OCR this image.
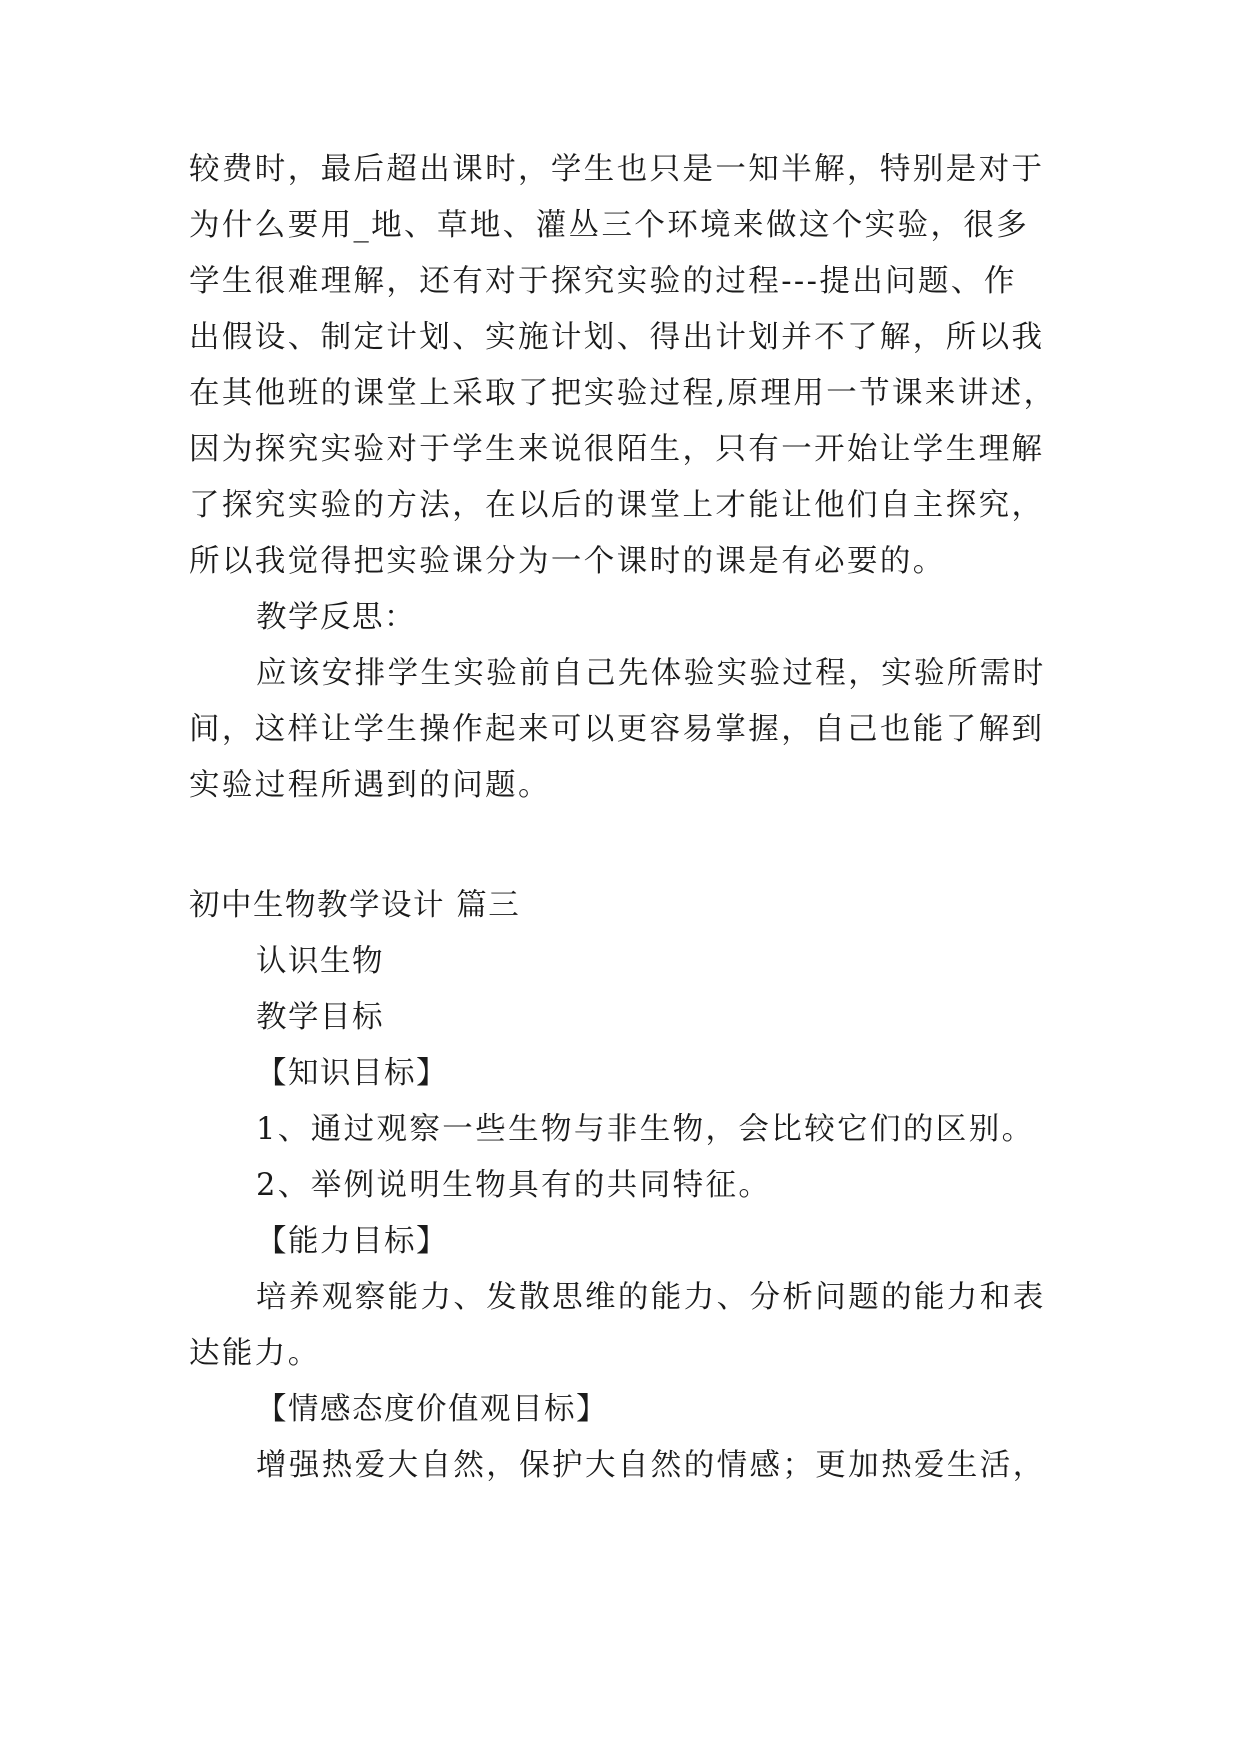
较费时，最后超出课时，学生也只是一知半解，特别是对于
为什么要用_地、草地、灌丛三个环境来做这个实验，很多
学生很难理解，还有对于探究实验的过程---提出问题、作
出假设、制定计划、实施计划、得出计划并不了解，所以我
在其他班的课堂上采取了把实验过程,原理用一节课来讲述，
因为探究实验对于学生来说很陌生，只有一开始让学生理解
了探究实验的方法，在以后的课堂上才能让他们自主探究，
所以我觉得把实验课分为一个课时的课是有必要的。
教学反思：
应该安排学生实验前自己先体验实验过程，实验所需时
间，这样让学生操作起来可以更容易掌握，自己也能了解到
实验过程所遇到的问题。
初中生物教学设计 篇三
认识生物
教学目标
【知识目标】
1、通过观察一些生物与非生物，会比较它们的区别。
2、举例说明生物具有的共同特征。
【能力目标】
培养观察能力、发散思维的能力、分析问题的能力和表
达能力。
【情感态度价值观目标】
增强热爱大自然，保护大自然的情感；更加热爱生活，
